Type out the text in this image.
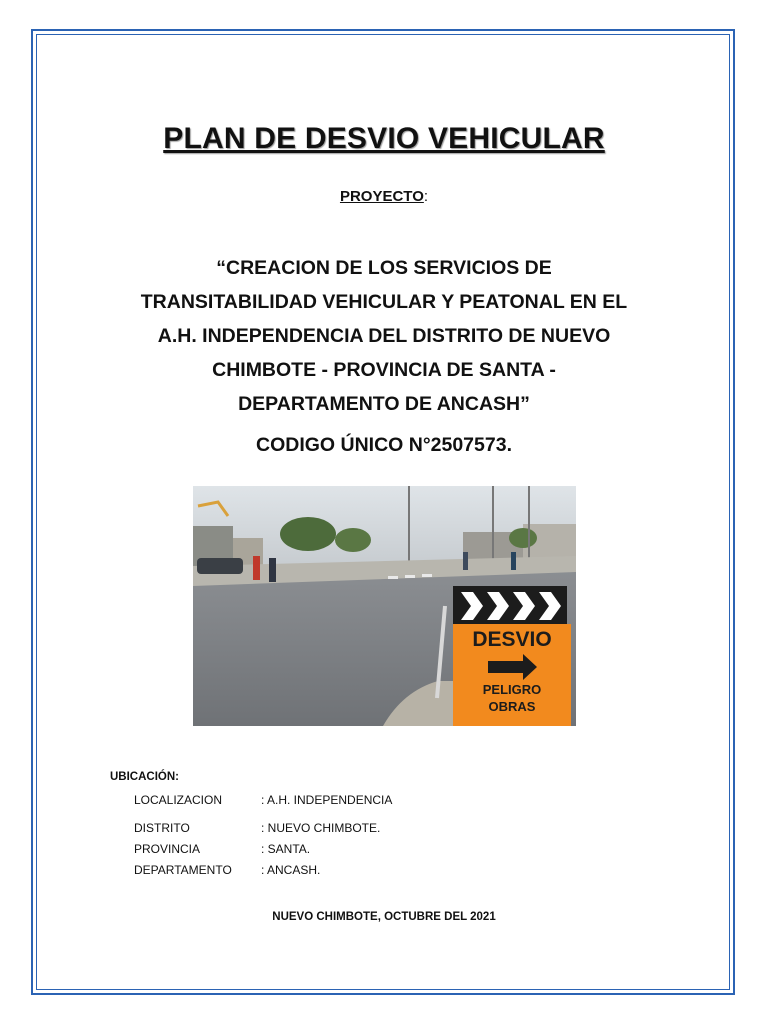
PLAN DE DESVIO VEHICULAR
PROYECTO:
“CREACION DE LOS SERVICIOS DE
TRANSITABILIDAD VEHICULAR Y PEATONAL EN EL
A.H. INDEPENDENCIA DEL DISTRITO DE NUEVO
CHIMBOTE - PROVINCIA DE SANTA -
DEPARTAMENTO DE ANCASH”
CODIGO ÚNICO N°2507573.
DESVIO
PELIGRO
OBRAS
UBICACIÓN:
LOCALIZACION	: A.H. INDEPENDENCIA
DISTRITO	: NUEVO CHIMBOTE.
PROVINCIA	: SANTA.
DEPARTAMENTO : ANCASH.
NUEVO CHIMBOTE, OCTUBRE DEL 2021
